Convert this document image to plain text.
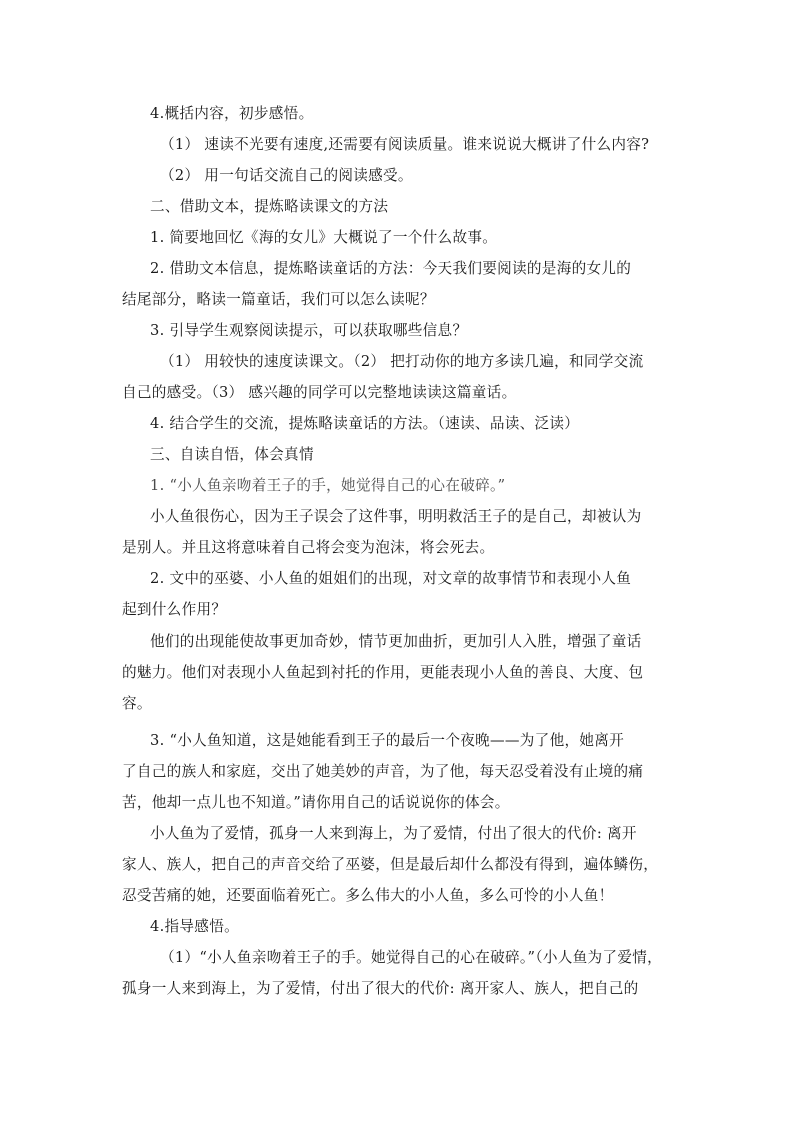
4.概括内容，初步感悟。
（1） 速读不光要有速度,还需要有阅读质量。谁来说说大概讲了什么内容?
（2） 用一句话交流自己的阅读感受。
二、借助文本，提炼略读课文的方法
1. 简要地回忆《海的女儿》大概说了一个什么故事。
2. 借助文本信息，提炼略读童话的方法：今天我们要阅读的是海的女儿的
结尾部分，略读一篇童话，我们可以怎么读呢？
3. 引导学生观察阅读提示，可以获取哪些信息？
（1） 用较快的速度读课文。（2） 把打动你的地方多读几遍，和同学交流
自己的感受。（3） 感兴趣的同学可以完整地读读这篇童话。
4. 结合学生的交流，提炼略读童话的方法。（速读、品读、泛读）
三、自读自悟，体会真情
1. “小人鱼亲吻着王子的手，她觉得自己的心在破碎。”
小人鱼很伤心，因为王子误会了这件事，明明救活王子的是自己，却被认为
是别人。并且这将意味着自己将会变为泡沫，将会死去。
2. 文中的巫婆、小人鱼的姐姐们的出现，对文章的故事情节和表现小人鱼
起到什么作用？
他们的出现能使故事更加奇妙，情节更加曲折，更加引人入胜，增强了童话
的魅力。他们对表现小人鱼起到衬托的作用，更能表现小人鱼的善良、大度、包
容。
3. “小人鱼知道，这是她能看到王子的最后一个夜晚——为了他，她离开
了自己的族人和家庭，交出了她美妙的声音，为了他，每天忍受着没有止境的痛
苦，他却一点儿也不知道。”请你用自己的话说说你的体会。
小人鱼为了爱情，孤身一人来到海上，为了爱情，付出了很大的代价: 离开
家人、族人，把自己的声音交给了巫婆，但是最后却什么都没有得到，遍体鳞伤，
忍受苦痛的她，还要面临着死亡。多么伟大的小人鱼，多么可怜的小人鱼！
4.指导感悟。
（1）“小人鱼亲吻着王子的手。她觉得自己的心在破碎。”（小人鱼为了爱情，
孤身一人来到海上，为了爱情，付出了很大的代价: 离开家人、族人，把自己的
